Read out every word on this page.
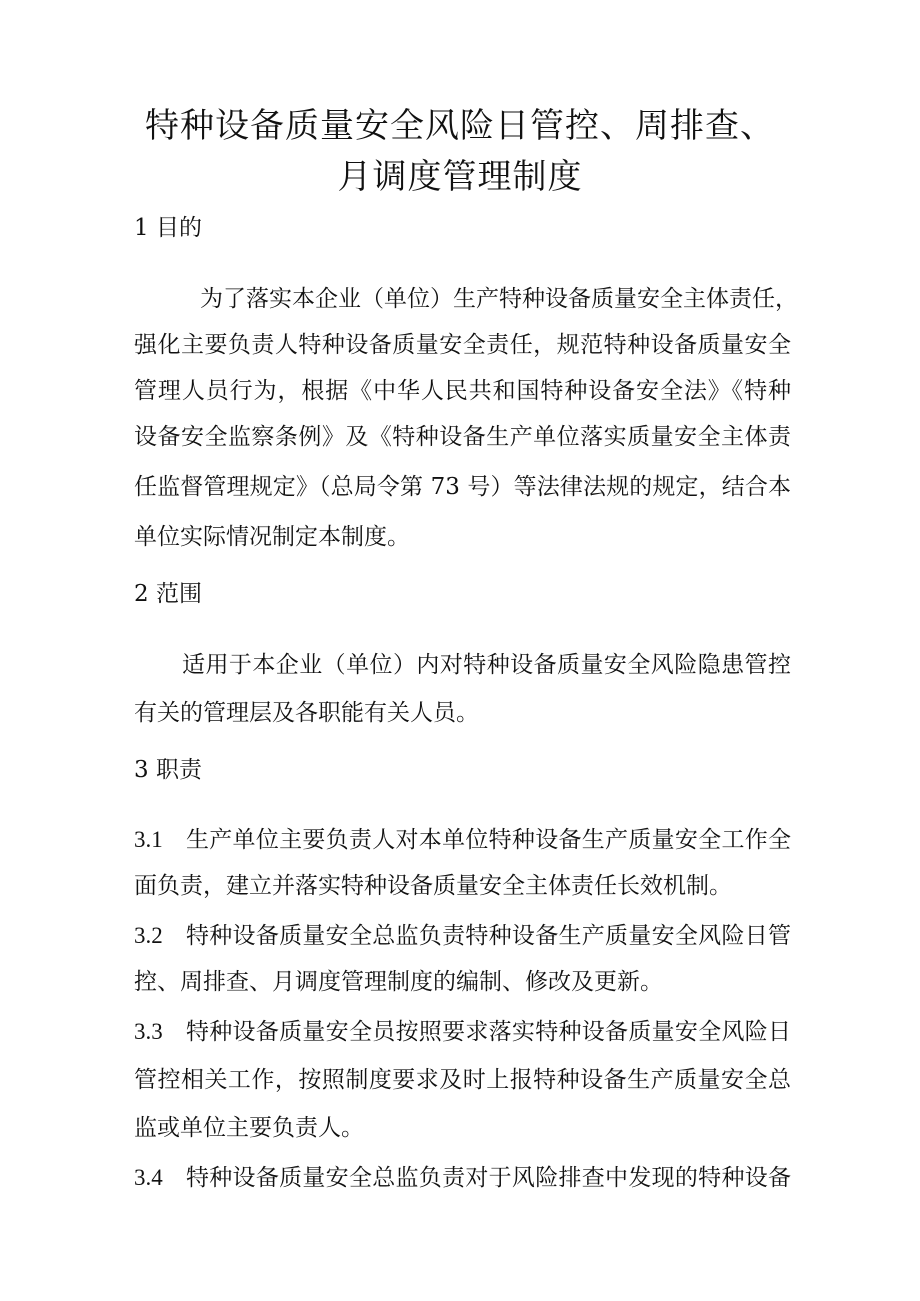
特种设备质量安全风险日管控、周排查、
月调度管理制度
1 目的
为了落实本企业（单位）生产特种设备质量安全主体责任，
强化主要负责人特种设备质量安全责任，规范特种设备质量安全
管理人员行为，根据《中华人民共和国特种设备安全法》《特种
设备安全监察条例》及《特种设备生产单位落实质量安全主体责
任监督管理规定》（总局令第 73 号）等法律法规的规定，结合本
单位实际情况制定本制度。
2 范围
适用于本企业（单位）内对特种设备质量安全风险隐患管控
有关的管理层及各职能有关人员。
3 职责
3.1	生产单位主要负责人对本单位特种设备生产质量安全工作全
面负责，建立并落实特种设备质量安全主体责任长效机制。
3.2	特种设备质量安全总监负责特种设备生产质量安全风险日管
控、周排查、月调度管理制度的编制、修改及更新。
3.3	特种设备质量安全员按照要求落实特种设备质量安全风险日
管控相关工作，按照制度要求及时上报特种设备生产质量安全总
监或单位主要负责人。
3.4	特种设备质量安全总监负责对于风险排查中发现的特种设备
